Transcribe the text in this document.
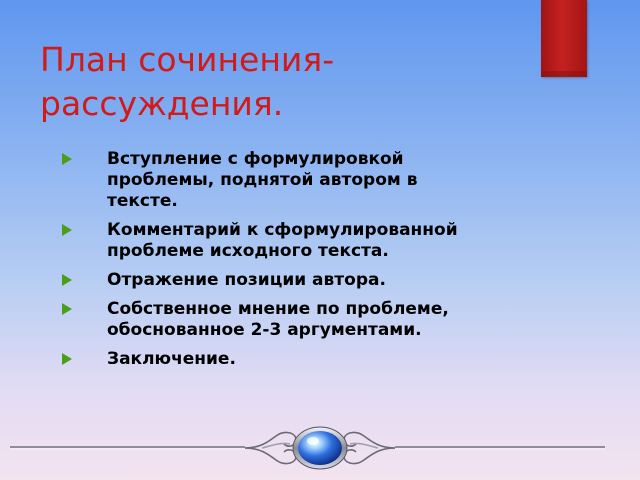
План сочинения-
рассуждения.
Вступление с формулировкой проблемы, поднятой автором в тексте.
Комментарий к сформулированной проблеме исходного текста.
Отражение позиции автора.
Собственное мнение по проблеме, обоснованное 2-3 аргументами.
Заключение.
